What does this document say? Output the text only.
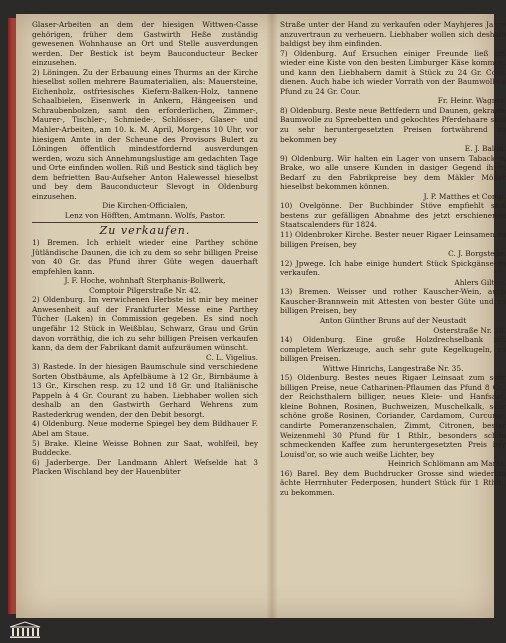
Glaser-Arbeiten an dem der hiesigen Wittwen-Casse gehörigen, früher dem Gastwirth Heße zuständig gewesenen Wohnhause an Ort und Stelle ausverdungen werden. Der Bestick ist beym Bauconducteur Becker einzusehen.

2) Löningen. Zu der Erbauung eines Thurms an der Kirche hieselbst sollen mehrere Baumaterialien, als: Mauersteine, Eichenholz, ostfriesisches Kiefern-Balken-Holz, tannene Schaalbielen, Eisenwerk in Ankern, Hängeeisen und Schraubenbolzen, samt den erforderlichen, Zimmer-, Maurer-, Tischler-, Schmiede-, Schlösser-, Glaser- und Mahler-Arbeiten, am 10. k. M. April, Morgens 10 Uhr, vor hiesigem Amte in der Scheune des Provisors Bulert zu Löningen öffentlich mindestfordernd ausverdungen werden, wozu sich Annehmungslustige am gedachten Tage und Orte einfinden wollen. Riß und Bestick sind täglich bey dem befrietten Bau-Aufseher Anton Halewessel hieselbst und bey dem Bauconducteur Slevogt in Oldenburg einzusehen.

Die Kirchen-Officialen,

Lenz von Höfften, Amtmann. Wolfs, Pastor.

Zu verkaufen.

1) Bremen. Ich erhielt wieder eine Parthey schöne Jütländische Daunen, die ich zu dem so sehr billigen Preise von 40 Gr. das Pfund ihrer Güte wegen dauerhaft empfehlen kann.

J. F. Hoche, wohnhaft Sterphanis-Bollwerk,

Comptoir Pilgerstraße Nr. 42.

2) Oldenburg. Im verwichenen Herbste ist mir bey meiner Anwesenheit auf der Frankfurter Messe eine Parthey Tücher (Laken) in Commission gegeben. Es sind noch ungefähr 12 Stück in Weißblau, Schwarz, Grau und Grün davon vorräthig, die ich zu sehr billigen Preisen verkaufen kann, da dem der Fabrikant damit aufzuräumen wünscht.

C. L. Vigelius.

3) Rastede. In der hiesigen Baumschule sind verschiedene Sorten Obstbäume, als Apfelbäume à 12 Gr., Birnbäume à 13 Gr., Kirschen resp. zu 12 und 18 Gr. und Italiänische Pappeln à 4 Gr. Courant zu haben. Liebhaber wollen sich deshalb an den Gastwirth Gerhard Wehrens zum Rastederkrug wenden, der den Debit besorgt.

4) Oldenburg. Neue moderne Spiegel bey dem Bildhauer F. Abel am Staue.

5) Brake. Kleine Weisse Bohnen zur Saat, wohlfeil, bey Buddecke.

6) Jaderberge. Der Landmann Ahlert Wefselde hat 3 Placken Wischland bey der Hauenbüter

Straße unter der Hand zu verkaufen oder Mayhjeres Jahre anzuvertraun zu verheuern. Liebhaber wollen sich deshalb baldigst bey ihm einfinden.

7) Oldenburg. Auf Ersuchen einiger Freunde ließ ich wieder eine Kiste von den besten Limburger Käse kommen, und kann den Liebhabern damit à Stück zu 24 Gr. Cour. dienen. Auch habe ich wieder Vorrath von der Baumwolle à Pfund zu 24 Gr. Cour.

Fr. Heinr. Wagner.

8) Oldenburg. Beste neue Bettfedern und Daunen, gekrazte Baumwolle zu Spreebetten und gekochtes Pferdehaare sind zu sehr heruntergesetzten Preisen fortwährend zu bekommen bey

E. J. Ballin.

9) Oldenburg. Wir halten ein Lager von unsern Taback in Brake, wo alle unsere Kunden in dasiger Gegend ihren Bedarf zu den Fabrikpreise bey dem Mäkler Möller hieselbst bekommen können.

J. P. Matthes et Comp.

10) Ovelgönne. Der Buchbinder Stöve empfiehlt sich bestens zur gefälligen Abnahme des jetzt erschienenen Staatscalenders für 1824.

11) Oldenbroker Kirche. Bester neuer Rigaer Leinsamen zu billigen Preisen, bey

C. J. Borgstede.

12) Jpwege. Ich habe einige hundert Stück Spickgänse zu verkaufen.

Ahlers Gilten.

13) Bremen. Weisser und rother Kauscher-Wein, auch Kauscher-Brannwein mit Attesten von bester Güte und zu billigen Preisen, bey

Anton Günther Bruns auf der Neustadt

Osterstraße Nr. 28.

14) Oldenburg. Eine große Holzdrechselbank mit completem Werkzeuge, auch sehr gute Kegelkugeln, zu billigen Preisen.

Wittwe Hinrichs, Langestraße Nr. 35.

15) Oldenburg. Bestes neues Rigaer Leinsaat zum sehr billigen Preise, neue Catharinen-Pflaumen das Pfund 8 Gr., der Reichsthalern billiger, neues Kleie- und Hanfsaat, kleine Bohnen, Rosinen, Buchweizen, Muschelkalk, sehr schöne große Rosinen, Coriander, Cardamom, Curcume, candirte Pomeranzenschalen, Zimmt, Citronen, bester Weizenmehl 30 Pfund für 1 Rthlr., besonders schön schmeckenden Kaffee zum heruntergesetzten Preis bey Louisd'or, so wie auch weiße Lichter, bey

Heinrich Schlömann am Markt.

16) Barel. Bey dem Buchdrucker Grosse sind wiederum ächte Herrnhuter Federposen, hundert Stück für 1 Rthlr., zu bekommen.
